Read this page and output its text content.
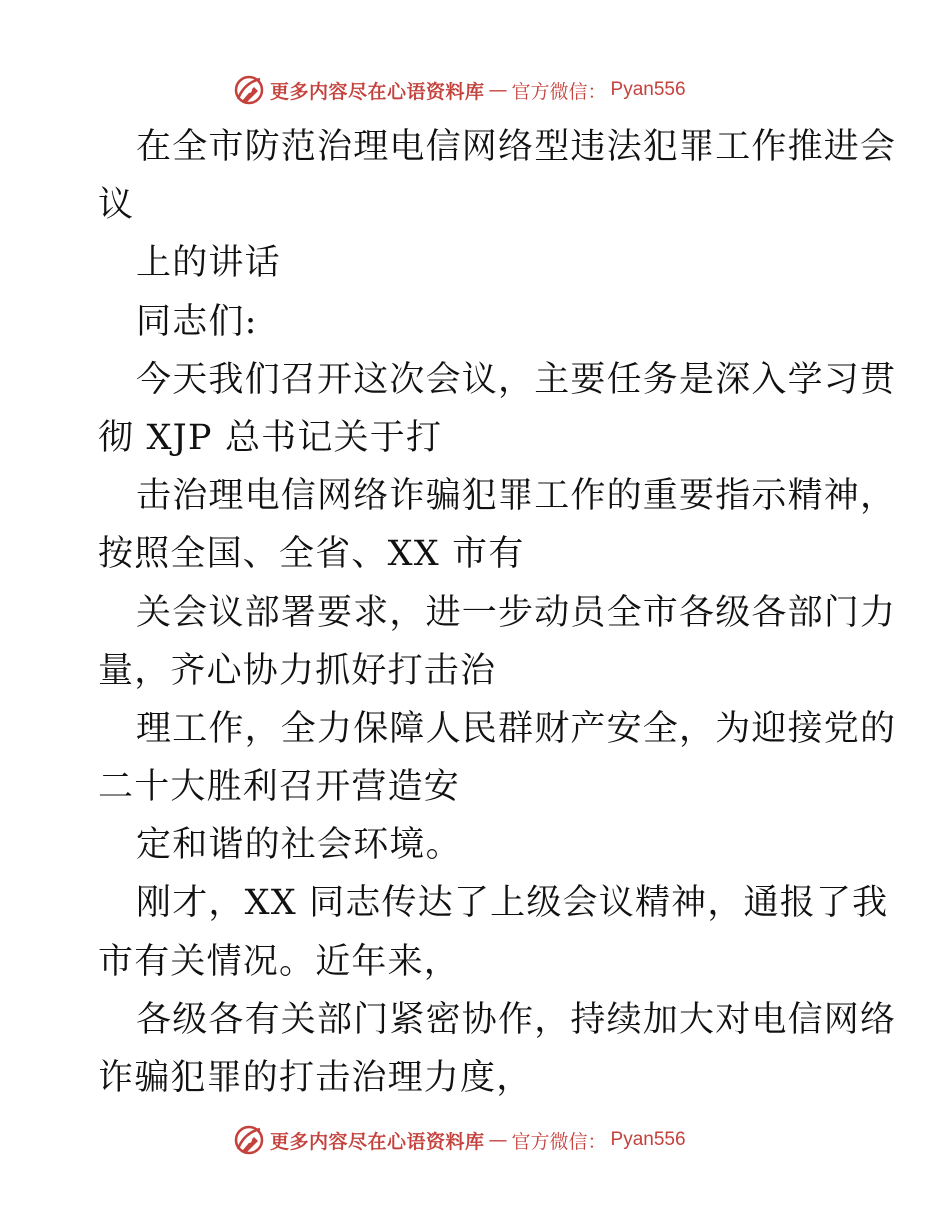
更多内容尽在心语资料库 — 官方微信： Pyan556
在全市防范治理电信网络型违法犯罪工作推进会
议
上的讲话
同志们:
今天我们召开这次会议，主要任务是深入学习贯
彻 XJP 总书记关于打
击治理电信网络诈骗犯罪工作的重要指示精神，
按照全国、全省、XX 市有
关会议部署要求，进一步动员全市各级各部门力
量，齐心协力抓好打击治
理工作，全力保障人民群财产安全，为迎接党的
二十大胜利召开营造安
定和谐的社会环境。
刚才，XX 同志传达了上级会议精神，通报了我
市有关情况。近年来，
各级各有关部门紧密协作，持续加大对电信网络
诈骗犯罪的打击治理力度，
更多内容尽在心语资料库 — 官方微信： Pyan556
